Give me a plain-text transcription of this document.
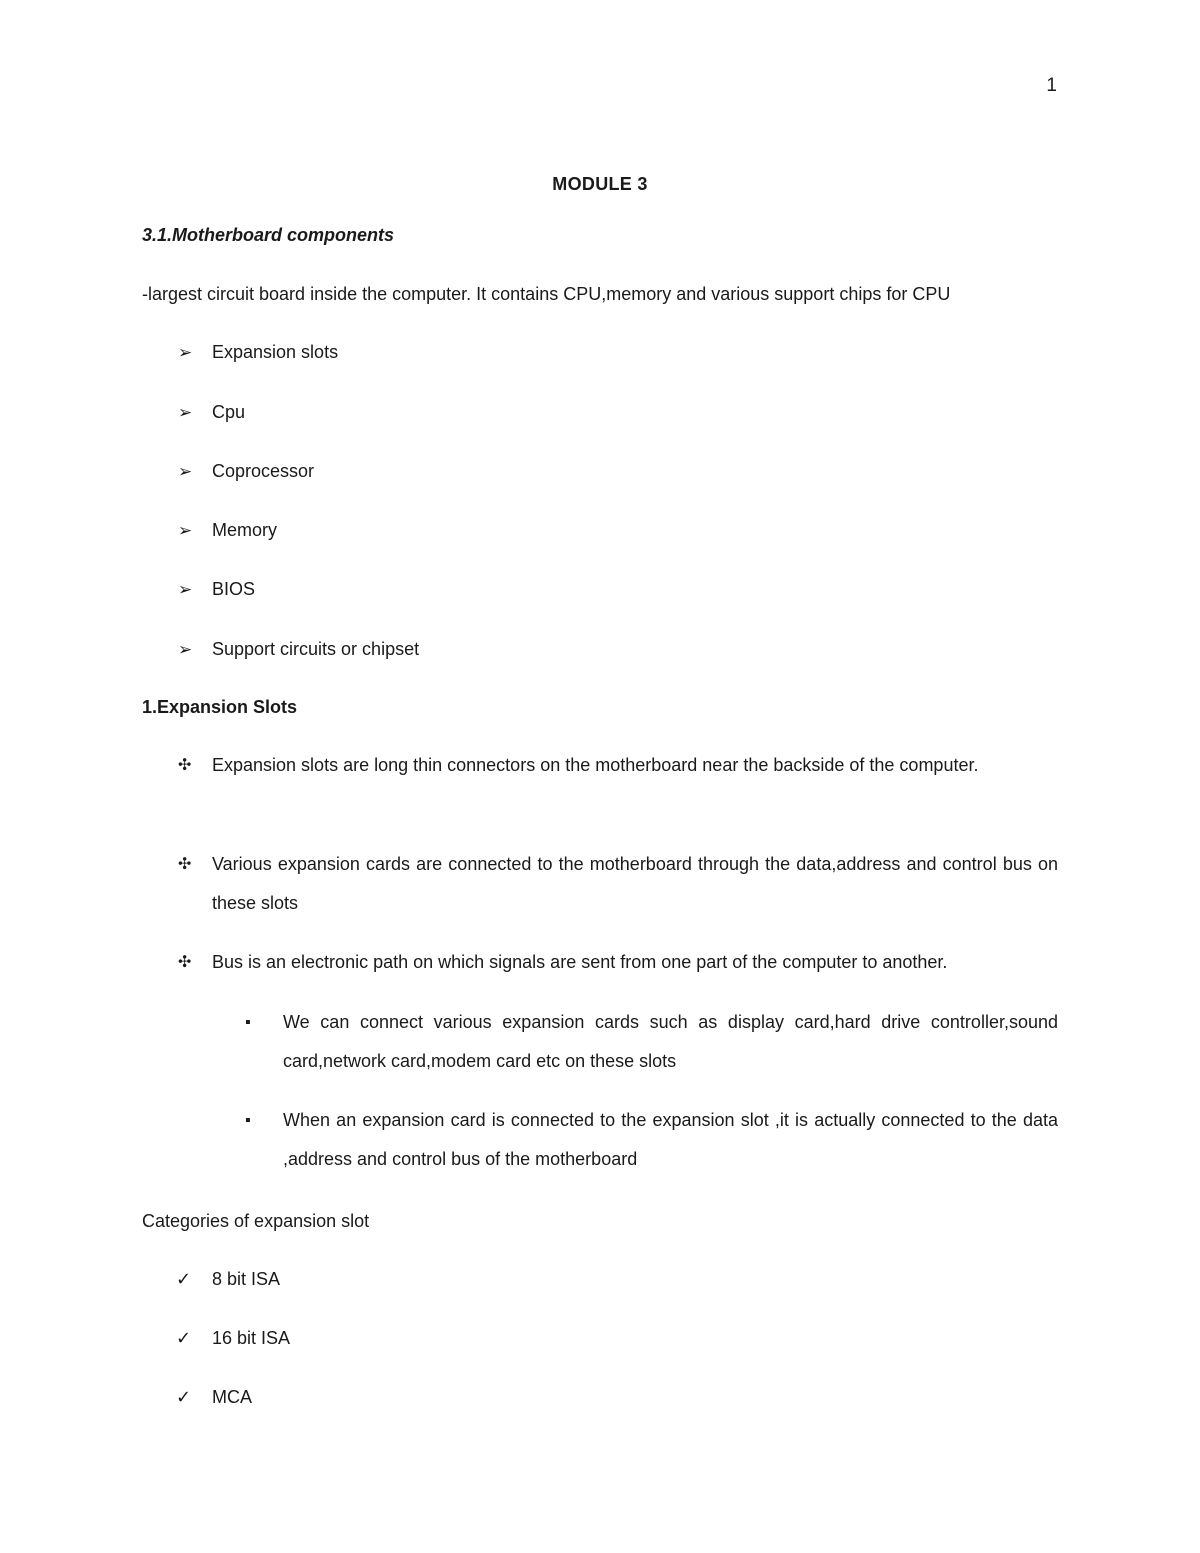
1
MODULE 3
3.1.Motherboard components
-largest circuit board inside the computer. It contains CPU,memory and various support chips for CPU
➢ Expansion slots
➢ Cpu
➢ Coprocessor
➢ Memory
➢ BIOS
➢ Support circuits or chipset
1.Expansion Slots
✣ Expansion slots are long thin connectors on the motherboard near the backside of the computer.
✣ Various expansion cards are connected to the motherboard through the data,address and control bus on these slots
✣ Bus is an electronic path on which signals are sent from one part of the computer to another.
▪ We can connect various expansion cards such as display card,hard drive controller,sound card,network card,modem card etc on these slots
▪ When an expansion card is connected to the expansion slot ,it is actually connected to the data ,address and control bus of the motherboard
Categories of expansion slot
✓ 8 bit ISA
✓ 16 bit ISA
✓ MCA
